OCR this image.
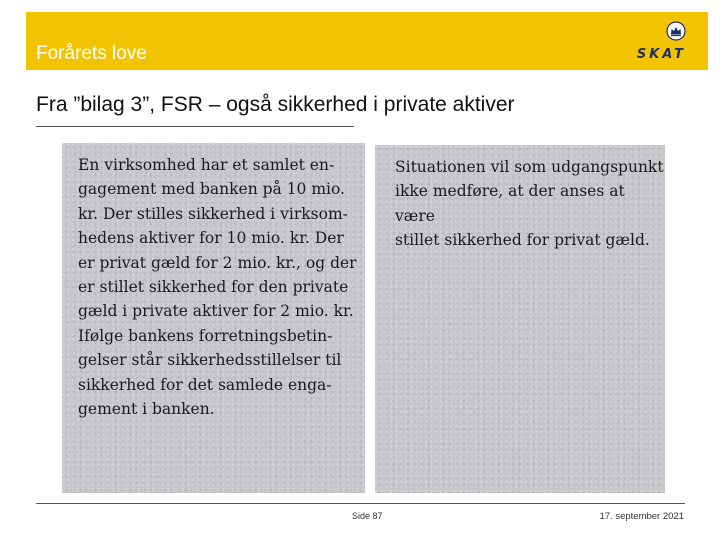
Forårets love	SKAT
Fra ”bilag 3”, FSR – også sikkerhed i private aktiver
En virksomhed har et samlet en-
gagement med banken på 10 mio.
kr. Der stilles sikkerhed i virksom-
hedens aktiver for 10 mio. kr. Der
er privat gæld for 2 mio. kr., og der
er stillet sikkerhed for den private
gæld i private aktiver for 2 mio. kr.
Ifølge bankens forretningsbetin-
gelser står sikkerhedsstillelser til
sikkerhed for det samlede enga-
gement i banken.
Situationen vil som udgangspunkt
ikke medføre, at der anses at være
stillet sikkerhed for privat gæld.
Side 87	17. september 2021
